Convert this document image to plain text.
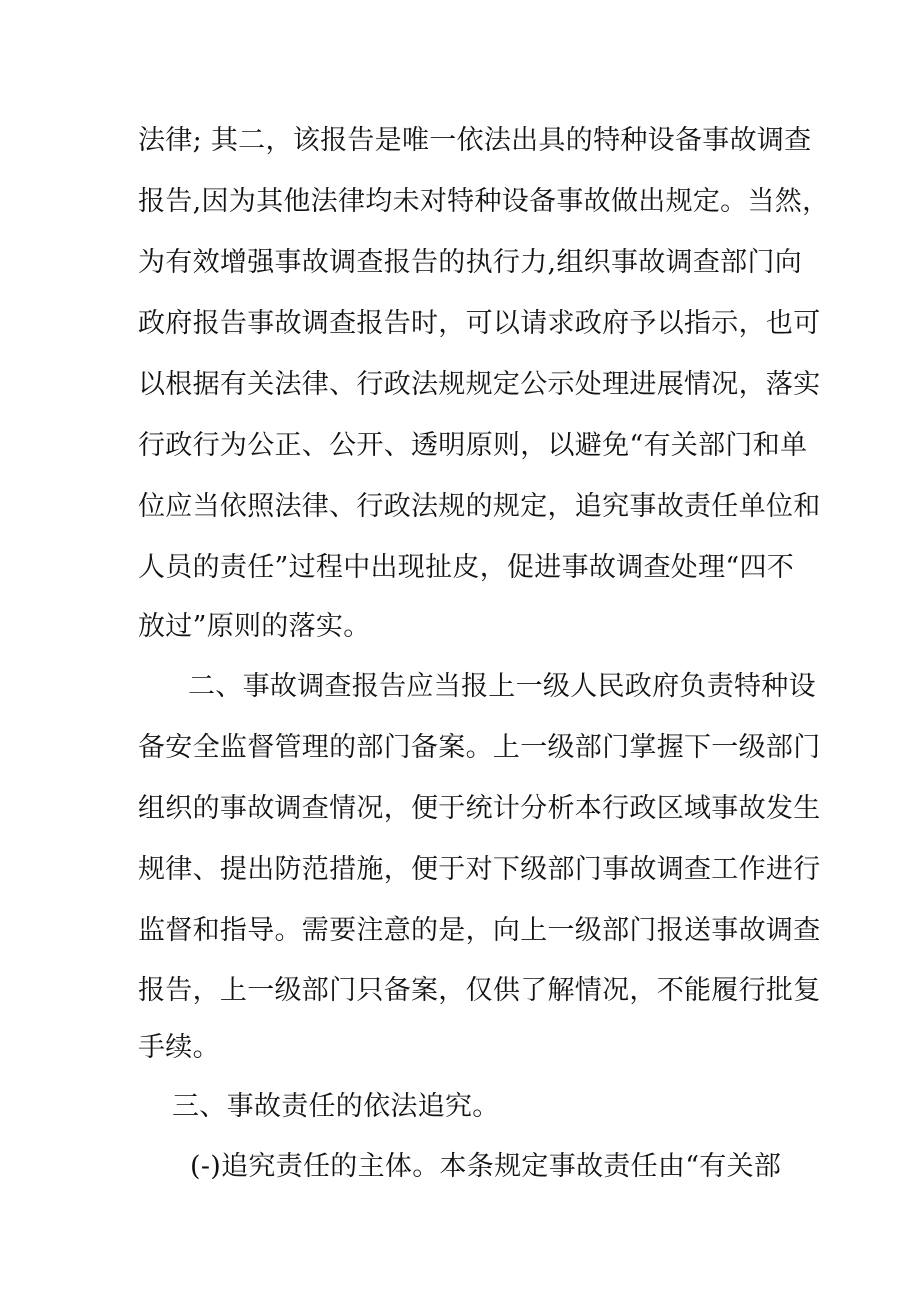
法律; 其二，该报告是唯一依法出具的特种设备事故调查
报告,因为其他法律均未对特种设备事故做出规定。当然，
为有效增强事故调查报告的执行力,组织事故调查部门向
政府报告事故调查报告时，可以请求政府予以指示，也可
以根据有关法律、行政法规规定公示处理进展情况，落实
行政行为公正、公开、透明原则，以避免“有关部门和单
位应当依照法律、行政法规的规定，追究事故责任单位和
人员的责任”过程中出现扯皮，促进事故调查处理“四不
放过”原则的落实。
二、事故调查报告应当报上一级人民政府负责特种设
备安全监督管理的部门备案。上一级部门掌握下一级部门
组织的事故调查情况，便于统计分析本行政区域事故发生
规律、提出防范措施，便于对下级部门事故调查工作进行
监督和指导。需要注意的是，向上一级部门报送事故调查
报告，上一级部门只备案，仅供了解情况，不能履行批复
手续。
三、事故责任的依法追究。
(-)追究责任的主体。本条规定事故责任由“有关部
